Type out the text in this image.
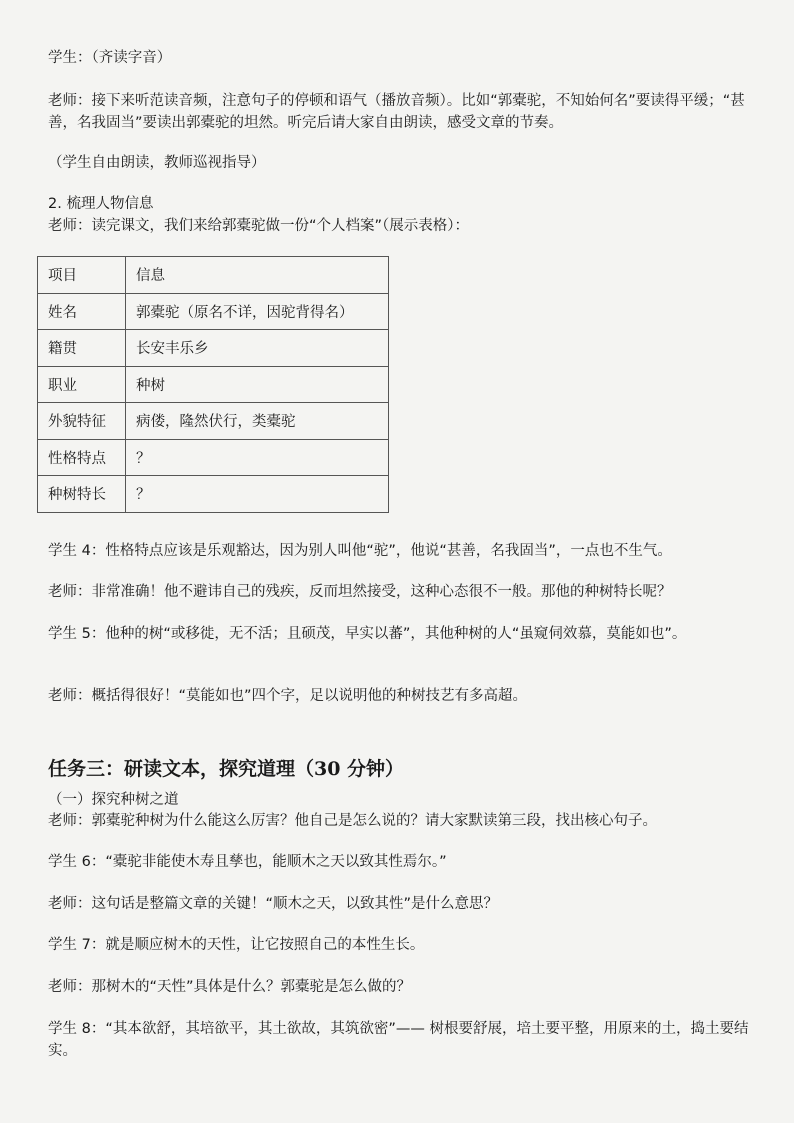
学生：（齐读字音）

老师：接下来听范读音频，注意句子的停顿和语气（播放音频）。比如“郭橐驼，不知始何名”要读得平缓；“甚善，名我固当”要读出郭橐驼的坦然。听完后请大家自由朗读，感受文章的节奏。

（学生自由朗读，教师巡视指导）

2. 梳理人物信息

老师：读完课文，我们来给郭橐驼做一份“个人档案”（展示表格）：

项目	信息
姓名	郭橐驼（原名不详，因驼背得名）
籍贯	长安丰乐乡
职业	种树
外貌特征	病偻，隆然伏行，类橐驼
性格特点	？
种树特长	？

学生 4：性格特点应该是乐观豁达，因为别人叫他“驼”，他说“甚善，名我固当”，一点也不生气。

老师：非常准确！他不避讳自己的残疾，反而坦然接受，这种心态很不一般。那他的种树特长呢？

学生 5：他种的树“或移徙，无不活；且硕茂，早实以蕃”，其他种树的人“虽窥伺效慕，莫能如也”。

老师：概括得很好！“莫能如也”四个字，足以说明他的种树技艺有多高超。

任务三：研读文本，探究道理（30 分钟）

（一）探究种树之道

老师：郭橐驼种树为什么能这么厉害？他自己是怎么说的？请大家默读第三段，找出核心句子。

学生 6：“橐驼非能使木寿且孳也，能顺木之天以致其性焉尔。”

老师：这句话是整篇文章的关键！“顺木之天，以致其性”是什么意思？

学生 7：就是顺应树木的天性，让它按照自己的本性生长。

老师：那树木的“天性”具体是什么？郭橐驼是怎么做的？

学生 8：“其本欲舒，其培欲平，其土欲故，其筑欲密”—— 树根要舒展，培土要平整，用原来的土，捣土要结实。
